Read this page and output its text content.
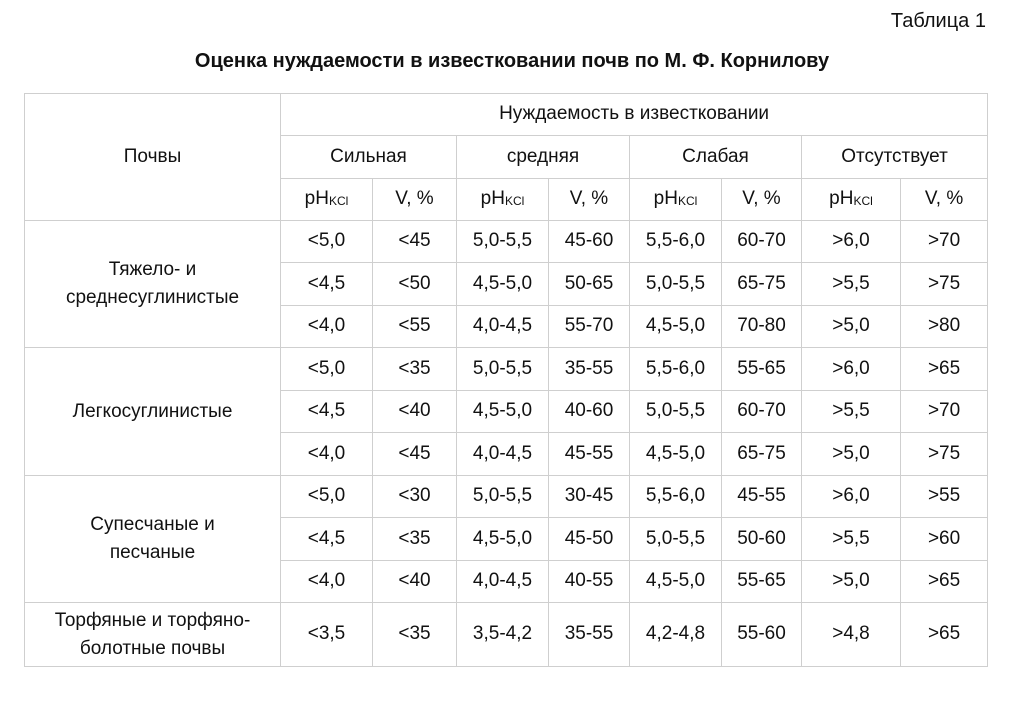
Таблица 1
Оценка нуждаемости в известковании почв по М. Ф. Корнилову
Почвы	Нуждаемость в известковании							
	Сильная		средняя		Слабая		Отсутствует	
	pHKCl	V, %	pHKCl	V, %	pHKCl	V, %	pHKCl	V, %
Тяжело- и
среднесуглинистые	<5,0	<45	5,0-5,5	45-60	5,5-6,0	60-70	>6,0	>70
	<4,5	<50	4,5-5,0	50-65	5,0-5,5	65-75	>5,5	>75
	<4,0	<55	4,0-4,5	55-70	4,5-5,0	70-80	>5,0	>80
Легкосуглинистые	<5,0	<35	5,0-5,5	35-55	5,5-6,0	55-65	>6,0	>65
	<4,5	<40	4,5-5,0	40-60	5,0-5,5	60-70	>5,5	>70
	<4,0	<45	4,0-4,5	45-55	4,5-5,0	65-75	>5,0	>75
Супесчаные и
песчаные	<5,0	<30	5,0-5,5	30-45	5,5-6,0	45-55	>6,0	>55
	<4,5	<35	4,5-5,0	45-50	5,0-5,5	50-60	>5,5	>60
	<4,0	<40	4,0-4,5	40-55	4,5-5,0	55-65	>5,0	>65
Торфяные и торфяно-
болотные почвы	<3,5	<35	3,5-4,2	35-55	4,2-4,8	55-60	>4,8	>65
